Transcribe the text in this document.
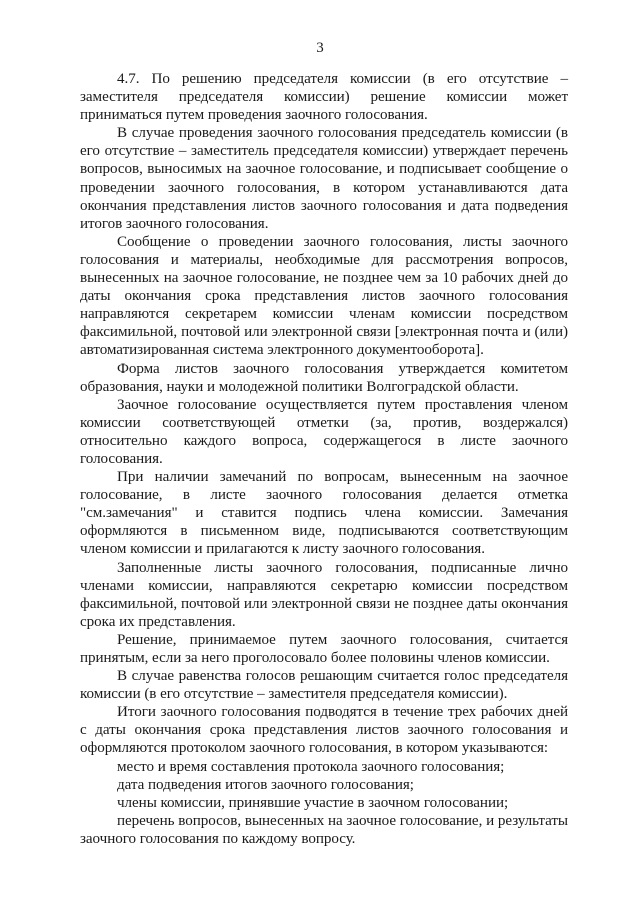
3

4.7. По решению председателя комиссии (в его отсутствие – заместителя председателя комиссии) решение комиссии может приниматься путем проведения заочного голосования.

В случае проведения заочного голосования председатель комиссии (в его отсутствие – заместитель председателя комиссии) утверждает перечень вопросов, выносимых на заочное голосование, и подписывает сообщение о проведении заочного голосования, в котором устанавливаются дата окончания представления листов заочного голосования и дата подведения итогов заочного голосования.

Сообщение о проведении заочного голосования, листы заочного голосования и материалы, необходимые для рассмотрения вопросов, вынесенных на заочное голосование, не позднее чем за 10 рабочих дней до даты окончания срока представления листов заочного голосования направляются секретарем комиссии членам комиссии посредством факсимильной, почтовой или электронной связи [электронная почта и (или) автоматизированная система электронного документооборота].

Форма листов заочного голосования утверждается комитетом образования, науки и молодежной политики Волгоградской области.

Заочное голосование осуществляется путем проставления членом комиссии соответствующей отметки (за, против, воздержался) относительно каждого вопроса, содержащегося в листе заочного голосования.

При наличии замечаний по вопросам, вынесенным на заочное голосование, в листе заочного голосования делается отметка "см.замечания" и ставится подпись члена комиссии. Замечания оформляются в письменном виде, подписываются соответствующим членом комиссии и прилагаются к листу заочного голосования.

Заполненные листы заочного голосования, подписанные лично членами комиссии, направляются секретарю комиссии посредством факсимильной, почтовой или электронной связи не позднее даты окончания срока их представления.

Решение, принимаемое путем заочного голосования, считается принятым, если за него проголосовало более половины членов комиссии.

В случае равенства голосов решающим считается голос председателя комиссии (в его отсутствие – заместителя председателя комиссии).

Итоги заочного голосования подводятся в течение трех рабочих дней с даты окончания срока представления листов заочного голосования и оформляются протоколом заочного голосования, в котором указываются:

место и время составления протокола заочного голосования;

дата подведения итогов заочного голосования;

члены комиссии, принявшие участие в заочном голосовании;

перечень вопросов, вынесенных на заочное голосование, и результаты заочного голосования по каждому вопросу.
